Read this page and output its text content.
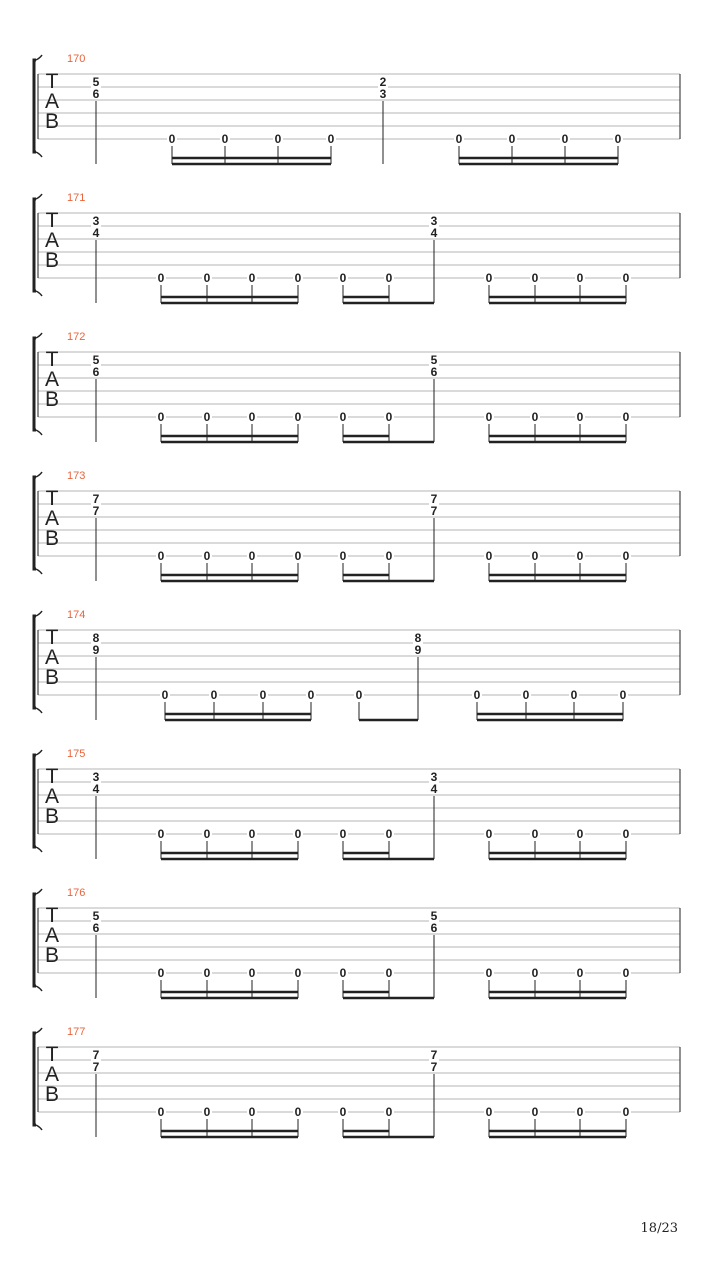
170
T
A
B
5
6
0	0	0	0
2
3
0	0	0	0
171
T
A
B
3
4
0	0	0	0	0	0
3
4
0	0	0	0
172
T
A
B
5
6
0	0	0	0	0	0
5
6
0	0	0	0
173
T
A
B
7
7
0	0	0	0	0	0
7
7
0	0	0	0
174
T
A
B
8
9
0	0	0	0	0
8
9
0	0	0	0
175
T
A
B
3
4
0	0	0	0	0	0
3
4
0	0	0	0
176
T
A
B
5
6
0	0	0	0	0	0
5
6
0	0	0	0
177
T
A
B
7
7
0	0	0	0	0	0
7
7
0	0	0	0
18/23
